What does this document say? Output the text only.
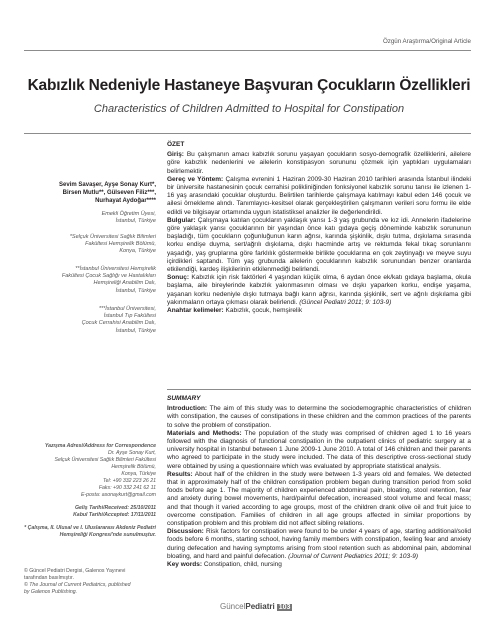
Özgün Araştırma/Original Article
Kabızlık Nedeniyle Hastaneye Başvuran Çocukların Özellikleri
Characteristics of Children Admitted to Hospital for Constipation
Sevim Savaşer, Ayşe Sonay Kurt*,
Birsen Mutlu**, Gülseven Filiz***,
Nurhayat Aydoğar****
Emekli Öğretim Üyesi,
İstanbul, Türkiye
*Selçuk Üniversitesi Sağlık Bilimleri
Fakültesi Hemşirelik Bölümü,
Konya, Türkiye
**İstanbul Üniversitesi Hemşirelik
Fakültesi Çocuk Sağlığı ve Hastalıkları
Hemşireliği Anabilim Dalı,
İstanbul, Türkiye
***İstanbul Üniversitesi,
İstanbul Tıp Fakültesi
Çocuk Cerrahisi Anabilim Dalı,
İstanbul, Türkiye
ÖZET
Giriş: Bu çalışmanın amacı kabızlık sorunu yaşayan çocukların sosyo-demografik özelliklerini, ailelere göre kabızlık nedenlerini ve ailelerin konstipasyon sorununu çözmek için yaptıkları uygulamaları belirlemektir.
Gereç ve Yöntem: Çalışma evrenini 1 Haziran 2009-30 Haziran 2010 tarihleri arasında İstanbul ilindeki bir üniversite hastanesinin çocuk cerrahisi polikliniğinden fonksiyonel kabızlık sorunu tanısı ile izlenen 1-16 yaş arasındaki çocuklar oluşturdu. Belirtilen tarihlerde çalışmaya katılmayı kabul eden 146 çocuk ve ailesi örnekleme alındı. Tanımlayıcı-kesitsel olarak gerçekleştirilen çalışmanın verileri soru formu ile elde edildi ve bilgisayar ortamında uygun istatistiksel analizler ile değerlendirildi.
Bulgular: Çalışmaya katılan çocukların yaklaşık yarısı 1-3 yaş grubunda ve kız idi. Annelerin ifadelerine göre yaklaşık yarısı çocuklarının bir yaşından önce katı gıdaya geçiş döneminde kabızlık sorununun başladığı, tüm çocukların çoğunluğunun karın ağrısı, karında şişkinlik, dışkı tutma, dışkılama sırasında korku endişe duyma, sert/ağrılı dışkılama, dışkı hacminde artış ve rektumda fekal tıkaç sorunlarını yaşadığı, yaş gruplarına göre farklılık göstermekle birlikte çocuklarına en çok zeytinyağı ve meyve suyu içirdikleri saptandı. Tüm yaş grubunda ailelerin çocuklarının kabızlık sorunundan benzer oranlarda etkilendiği, kardeş ilişkilerinin etkilenmediği belirlendi.
Sonuç: Kabızlık için risk faktörleri 4 yaşından küçük olma, 6 aydan önce ek/katı gıdaya başlama, okula başlama, aile bireylerinde kabızlık yakınmasının olması ve dışkı yaparken korku, endişe yaşama, yaşanan korku nedeniyle dışkı tutmaya bağlı karın ağrısı, karında şişkinlik, sert ve ağrılı dışkılama gibi yakınmaların ortaya çıkması olarak belirlendi. (Güncel Pediatri 2011; 9: 103-9)
Anahtar kelimeler: Kabızlık, çocuk, hemşirelik
SUMMARY
Introduction: The aim of this study was to determine the sociodemographic characteristics of children with constipation, the causes of constipations in these children and the common practices of the parents to solve the problem of constipation.
Materials and Methods: The population of the study was comprised of children aged 1 to 16 years followed with the diagnosis of functional constipation in the outpatient clinics of pediatric surgery at a university hospital in Istanbul between 1 June 2009-1 June 2010. A total of 146 children and their parents who agreed to participate in the study were included. The data of this descriptive cross-sectional study were obtained by using a questionnaire which was evaluated by appropriate statistical analysis.
Results: About half of the children in the study were between 1-3 years old and females. We detected that in approximately half of the children constipation problem began during transition period from solid foods before age 1. The majority of children experienced abdominal pain, bloating, stool retention, fear and anxiety during bowel movements, hard/painful defecation, increased stool volume and fecal mass; and that though it varied according to age groups, most of the children drank olive oil and fruit juice to overcome constipation. Families of children in all age groups affected in similar proportions by constipation problem and this problem did not affect sibling relations.
Discussion: Risk factors for constipation were found to be under 4 years of age, starting additional/solid foods before 6 months, starting school, having family members with constipation, feeling fear and anxiety during defecation and having symptoms arising from stool retention such as abdominal pain, abdominal bloating, and hard and painful defecation. (Journal of Current Pediatrics 2011; 9: 103-9)
Key words: Constipation, child, nursing
Yazışma Adresi/Address for Correspondence
Dr. Ayşe Sonay Kurt,
Selçuk Üniversitesi Sağlık Bilimleri Fakültesi
Hemşirelik Bölümü,
Konya, Türkiye
Tel: +90 332 223 26 21
Faks: +90 332 241 62 11
E-posta: asonaykurt@gmail.com
Geliş Tarihi/Received: 25/10/2011
Kabul Tarihi/Accepted: 17/11/2011
* Çalışma, II. Ulusal ve I. Uluslararası Akdeniz Pediatri Hemşireliği Kongresi'nde sunulmuştur.
© Güncel Pediatri Dergisi, Galenos Yayınevi
tarafından basılmıştır.
© The Journal of Current Pediatrics, published
by Galenos Publishing.
GüncelPediatri 103
